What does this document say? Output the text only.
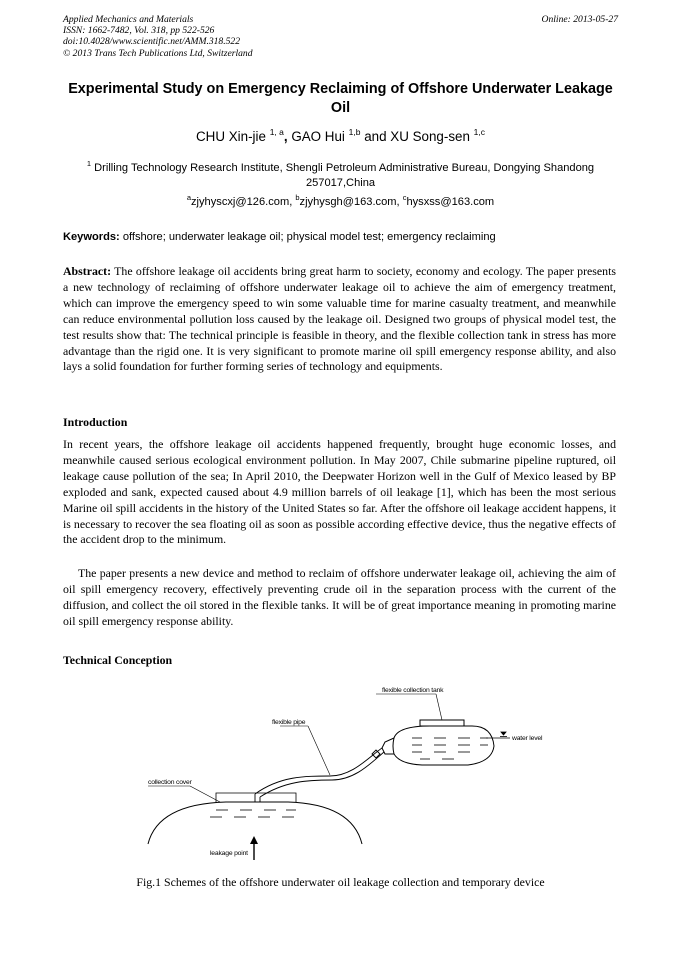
Applied Mechanics and Materials
ISSN: 1662-7482, Vol. 318, pp 522-526
doi:10.4028/www.scientific.net/AMM.318.522
© 2013 Trans Tech Publications Ltd, Switzerland
Online: 2013-05-27
Experimental Study on Emergency Reclaiming of Offshore Underwater Leakage Oil
CHU Xin-jie $^{1, a}$, GAO Hui $^{1,b}$ and XU Song-sen $^{1,c}$
$^1$ Drilling Technology Research Institute, Shengli Petroleum Administrative Bureau, Dongying Shandong 257017,China
$^a$zjyhyscxj@126.com, $^b$zjyhysgh@163.com, $^c$hysxss@163.com
Keywords: offshore; underwater leakage oil; physical model test; emergency reclaiming
Abstract: The offshore leakage oil accidents bring great harm to society, economy and ecology. The paper presents a new technology of reclaiming of offshore underwater leakage oil to achieve the aim of emergency treatment, which can improve the emergency speed to win some valuable time for marine casualty treatment, and meanwhile can reduce environmental pollution loss caused by the leakage oil. Designed two groups of physical model test, the test results show that: The technical principle is feasible in theory, and the flexible collection tank in stress has more advantage than the rigid one. It is very significant to promote marine oil spill emergency response ability, and also lays a solid foundation for further forming series of technology and equipments.
Introduction
In recent years, the offshore leakage oil accidents happened frequently, brought huge economic losses, and meanwhile caused serious ecological environment pollution. In May 2007, Chile submarine pipeline ruptured, oil leakage cause pollution of the sea; In April 2010, the Deepwater Horizon well in the Gulf of Mexico leased by BP exploded and sank, expected caused about 4.9 million barrels of oil leakage [1], which has been the most serious Marine oil spill accidents in the history of the United States so far. After the offshore oil leakage accident happens, it is necessary to recover the sea floating oil as soon as possible according effective device, thus the negative effects of the accident drop to the minimum.
The paper presents a new device and method to reclaim of offshore underwater leakage oil, achieving the aim of oil spill emergency recovery, effectively preventing crude oil in the separation process with the current of the diffusion, and collect the oil stored in the flexible tanks. It will be of great importance meaning in promoting marine oil spill emergency response ability.
Technical Conception
flexible collection tank
flexible pipe
water level
collection cover
leakage point
Fig.1 Schemes of the offshore underwater oil leakage collection and temporary device
